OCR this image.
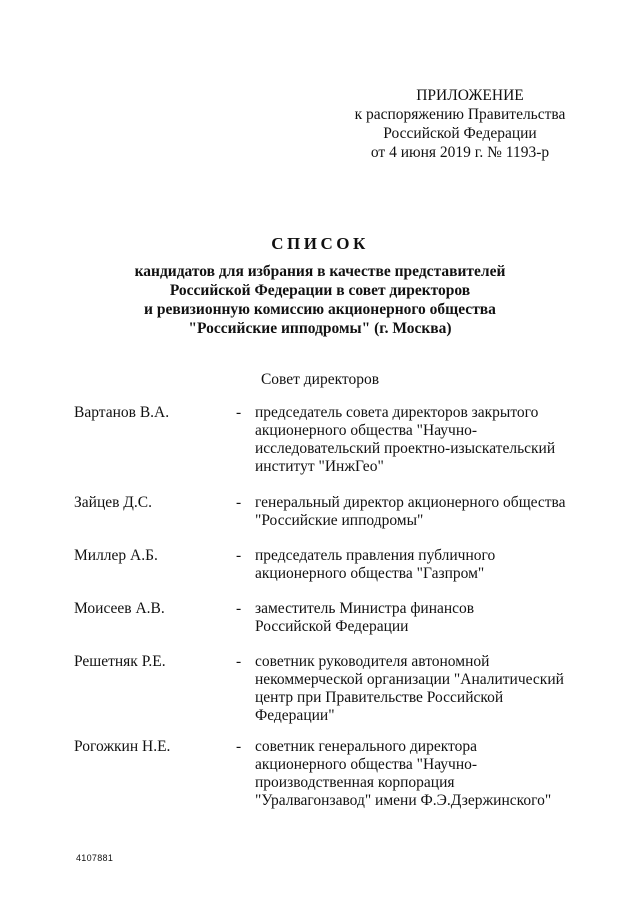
ПРИЛОЖЕНИЕ
к распоряжению Правительства
Российской Федерации
от 4 июня 2019 г. № 1193-р
СПИСОК
кандидатов для избрания в качестве представителей
Российской Федерации в совет директоров
и ревизионную комиссию акционерного общества
"Российские ипподромы" (г. Москва)
Совет директоров
Вартанов В.А.	- председатель совета директоров закрытого
акционерного общества "Научно-
исследовательский проектно-изыскательский
институт "ИнжГео"
Зайцев Д.С.	- генеральный директор акционерного общества
"Российские ипподромы"
Миллер А.Б.	- председатель правления публичного
акционерного общества "Газпром"
Моисеев А.В.	- заместитель Министра финансов
Российской Федерации
Решетняк Р.Е.	- советник руководителя автономной
некоммерческой организации "Аналитический
центр при Правительстве Российской
Федерации"
Рогожкин Н.Е.	- советник генерального директора
акционерного общества "Научно-
производственная корпорация
"Уралвагонзавод" имени Ф.Э.Дзержинского"
4107881
